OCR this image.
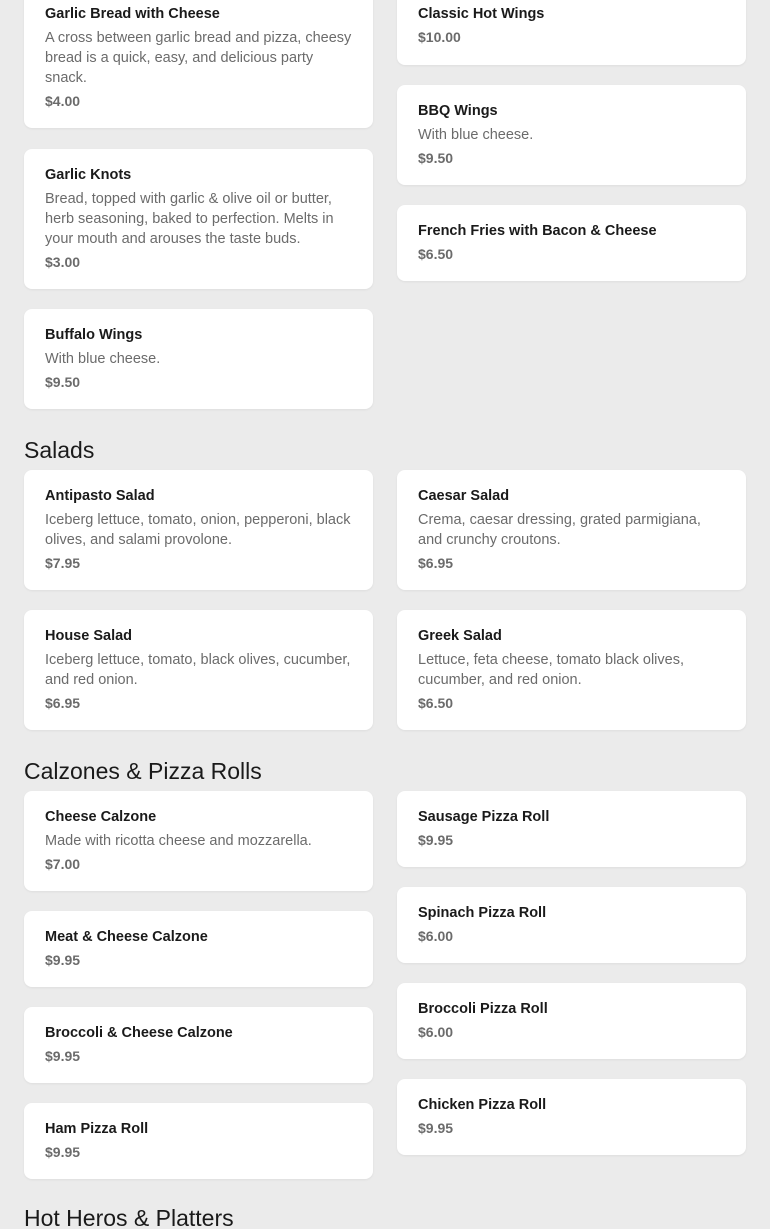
Garlic Bread with Cheese
A cross between garlic bread and pizza, cheesy bread is a quick, easy, and delicious party snack.
$4.00
Garlic Knots
Bread, topped with garlic & olive oil or butter, herb seasoning, baked to perfection. Melts in your mouth and arouses the taste buds.
$3.00
Buffalo Wings
With blue cheese.
$9.50
Classic Hot Wings
$10.00
BBQ Wings
With blue cheese.
$9.50
French Fries with Bacon & Cheese
$6.50
Salads
Antipasto Salad
Iceberg lettuce, tomato, onion, pepperoni, black olives, and salami provolone.
$7.95
House Salad
Iceberg lettuce, tomato, black olives, cucumber, and red onion.
$6.95
Caesar Salad
Crema, caesar dressing, grated parmigiana, and crunchy croutons.
$6.95
Greek Salad
Lettuce, feta cheese, tomato black olives, cucumber, and red onion.
$6.50
Calzones & Pizza Rolls
Cheese Calzone
Made with ricotta cheese and mozzarella.
$7.00
Meat & Cheese Calzone
$9.95
Broccoli & Cheese Calzone
$9.95
Ham Pizza Roll
$9.95
Sausage Pizza Roll
$9.95
Spinach Pizza Roll
$6.00
Broccoli Pizza Roll
$6.00
Chicken Pizza Roll
$9.95
Hot Heros & Platters
